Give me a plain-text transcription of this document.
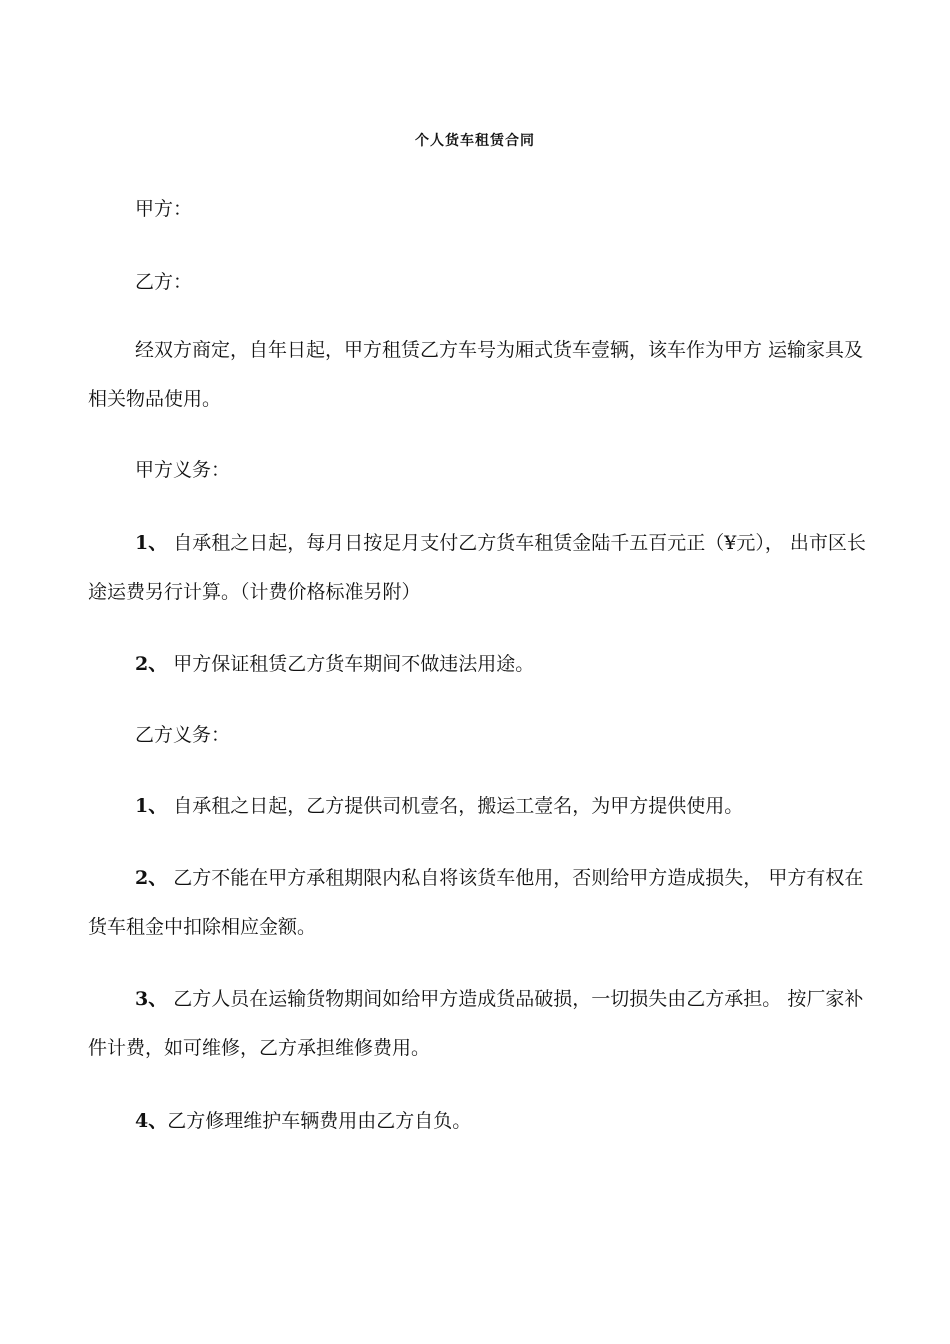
个人货车租赁合同
甲方：
乙方：
经双方商定，自年日起，甲方租赁乙方车号为厢式货车壹辆，该车作为甲方 运输家具及相关物品使用。
甲方义务：
1、 自承租之日起，每月日按足月支付乙方货车租赁金陆千五百元正（¥元）， 出市区长途运费另行计算。（计费价格标准另附）
2、 甲方保证租赁乙方货车期间不做违法用途。
乙方义务：
1、 自承租之日起，乙方提供司机壹名，搬运工壹名，为甲方提供使用。
2、 乙方不能在甲方承租期限内私自将该货车他用，否则给甲方造成损失， 甲方有权在货车租金中扣除相应金额。
3、 乙方人员在运输货物期间如给甲方造成货品破损，一切损失由乙方承担。 按厂家补件计费，如可维修，乙方承担维修费用。
4、乙方修理维护车辆费用由乙方自负。
